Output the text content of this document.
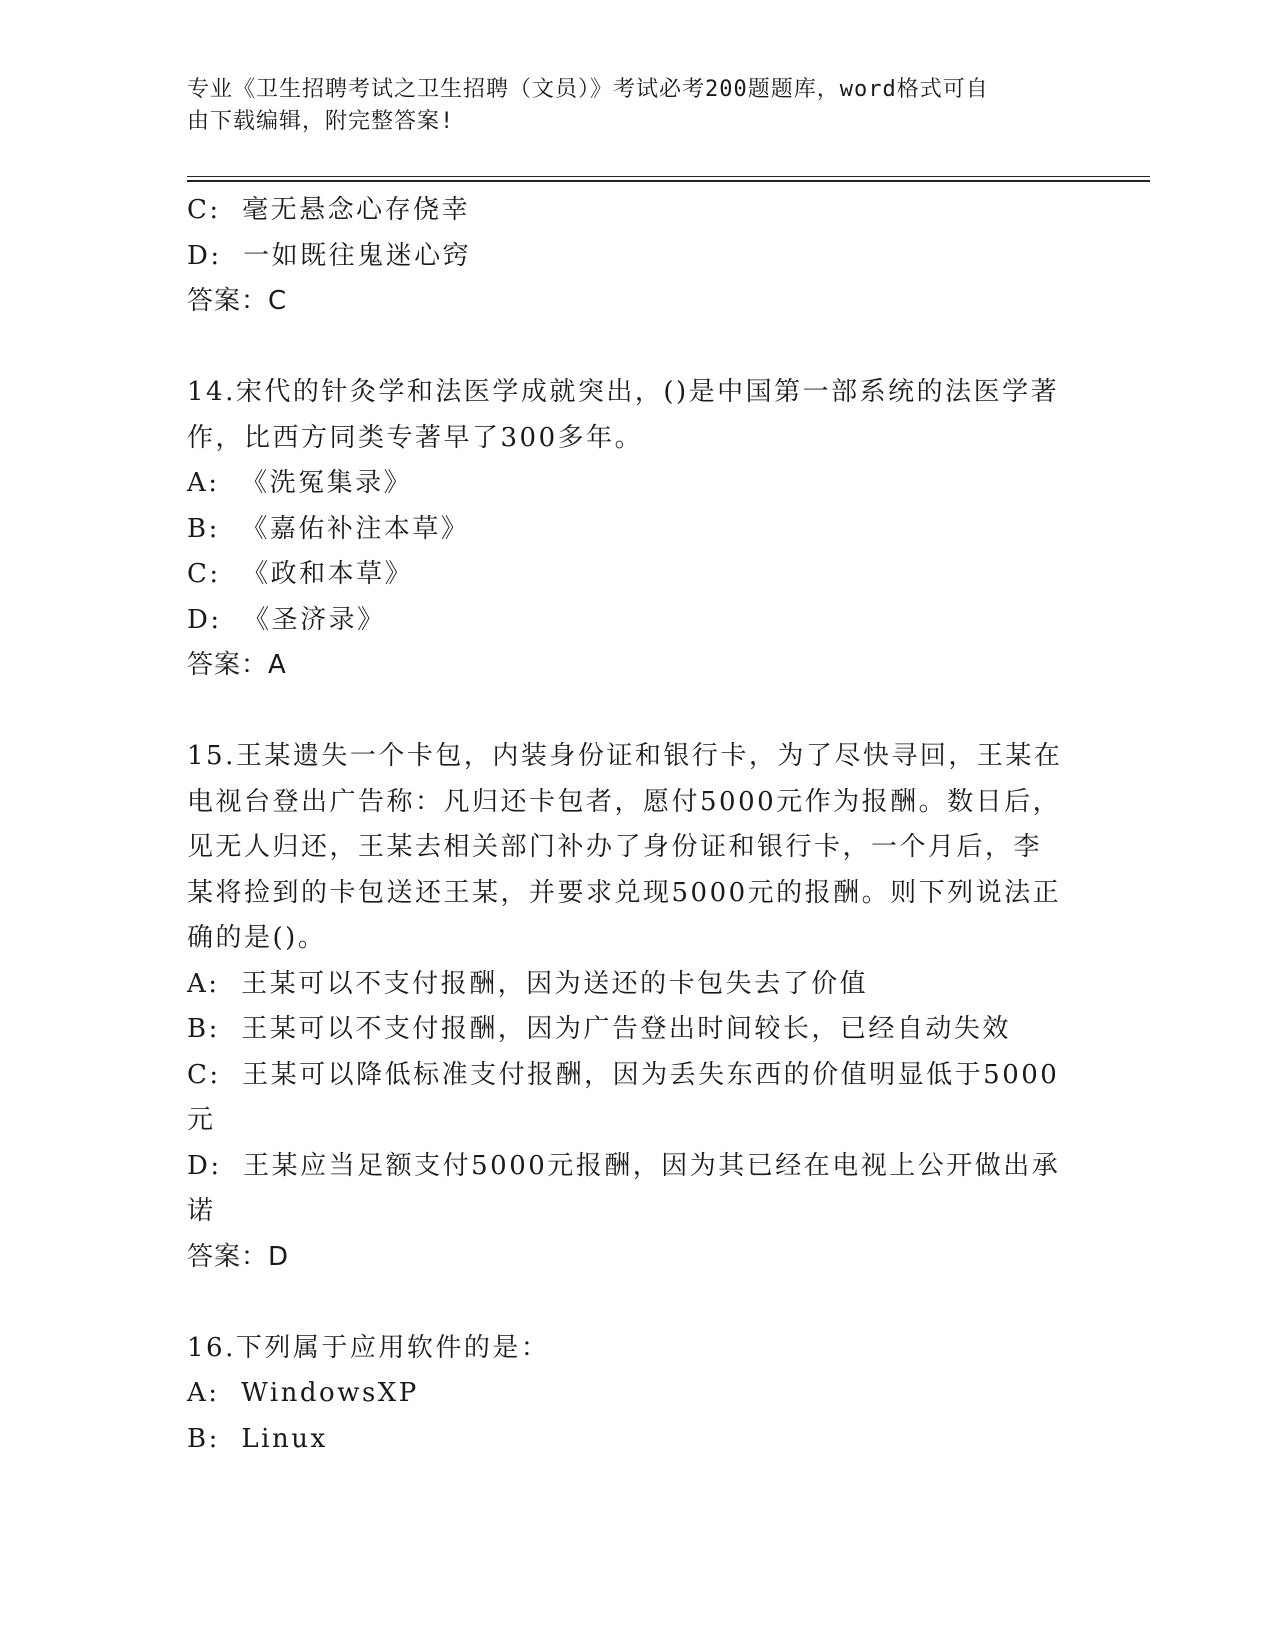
专业《卫生招聘考试之卫生招聘（文员）》考试必考200题题库，word格式可自
由下载编辑，附完整答案!
C:  毫无悬念心存侥幸
D:  一如既往鬼迷心窍
答案：C
14.宋代的针灸学和法医学成就突出，()是中国第一部系统的法医学著
作，比西方同类专著早了300多年。
A:  《洗冤集录》
B:  《嘉佑补注本草》
C:  《政和本草》
D:  《圣济录》
答案：A
15.王某遗失一个卡包，内装身份证和银行卡，为了尽快寻回，王某在
电视台登出广告称：凡归还卡包者，愿付5000元作为报酬。数日后，
见无人归还，王某去相关部门补办了身份证和银行卡，一个月后，李
某将捡到的卡包送还王某，并要求兑现5000元的报酬。则下列说法正
确的是()。
A:  王某可以不支付报酬，因为送还的卡包失去了价值
B:  王某可以不支付报酬，因为广告登出时间较长，已经自动失效
C:  王某可以降低标准支付报酬，因为丢失东西的价值明显低于5000
元
D:  王某应当足额支付5000元报酬，因为其已经在电视上公开做出承
诺
答案：D
16.下列属于应用软件的是：
A:  WindowsXP
B:  Linux
